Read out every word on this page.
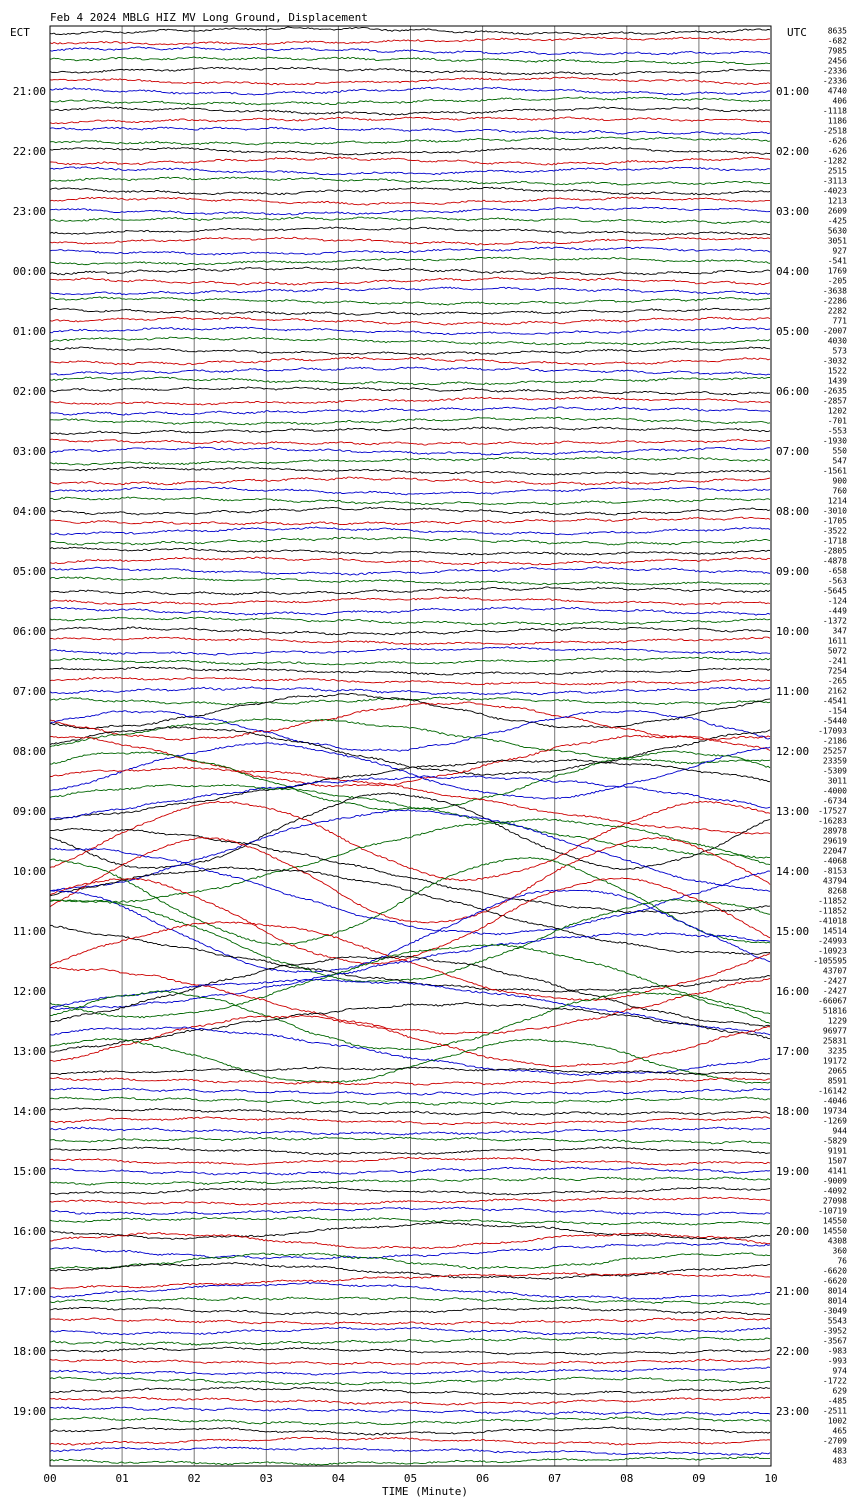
Feb 4 2024 MBLG HIZ MV Long Ground, Displacement
ECT	UTC
TIME (Minute)
00	01	02	03	04	05	06	07	08	09	10
21:00
22:00
23:00
00:00
01:00
02:00
03:00
04:00
05:00
06:00
07:00
08:00
09:00
10:00
11:00
12:00
13:00
14:00
15:00
16:00
17:00
18:00
19:00
01:00
02:00
03:00
04:00
05:00
06:00
07:00
08:00
09:00
10:00
11:00
12:00
13:00
14:00
15:00
16:00
17:00
18:00
19:00
20:00
21:00
22:00
23:00
8635
-682
7985
2456
-2336
-2336
4740
406
-1118
1186
-2518
-626
-626
-1282
2515
-3113
-4023
1213
2609
-425
5630
3051
927
-541
1769
-205
-3638
-2286
2282
771
-2007
4030
573
-3032
1522
1439
-2635
-2857
1202
-701
-553
-1930
550
547
-1561
900
760
1214
-3010
-1705
-3522
-1718
-2805
-4878
-658
-563
-5645
-124
-449
-1372
347
1611
5072
-241
7254
-265
2162
-4541
-154
-5440
-17093
-2186
25257
23359
-5309
3011
-4000
-6734
-17527
-16283
28978
29619
22047
-4068
-8153
43794
8268
-11852
-11852
-41018
14514
-24993
-10923
-105595
43707
-2427
-2427
-66067
51816
1229
96977
25831
3235
19172
2065
8591
-16142
-4046
19734
-1269
944
-5829
9191
1507
4141
-9009
-4092
27098
-10719
14550
14550
4308
360
76
-6620
-6620
8014
8014
-3049
5543
-3952
-3567
-983
-993
974
-1722
629
-485
-2511
1002
465
-2709
483
483
